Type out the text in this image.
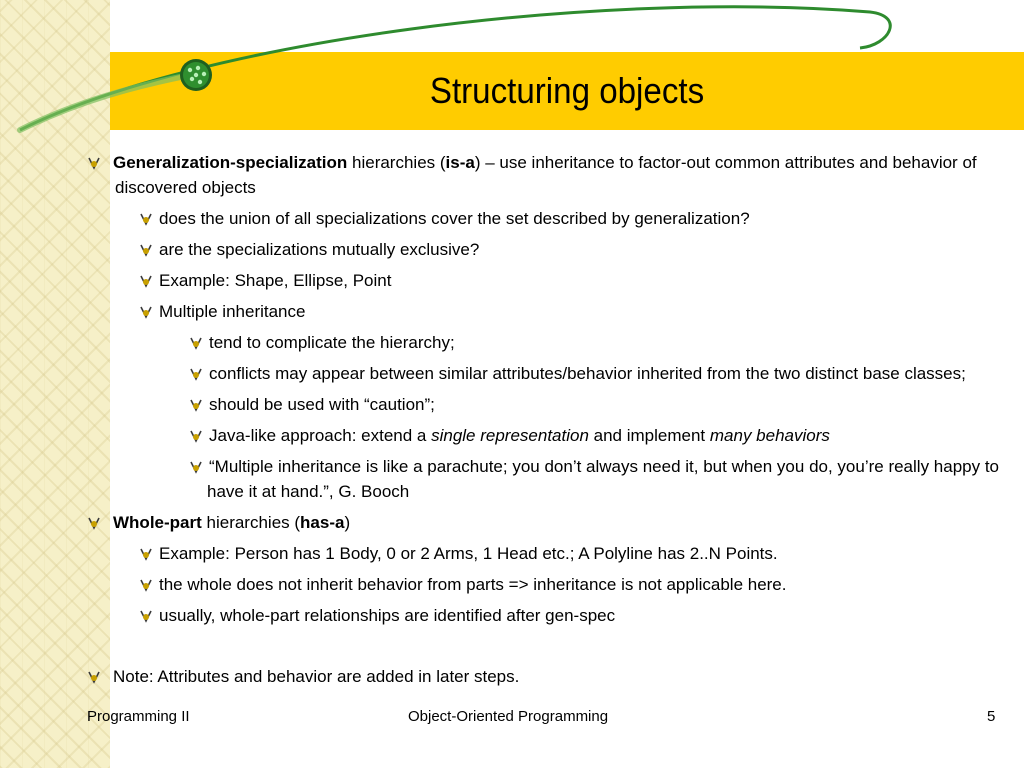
Structuring objects
Generalization-specialization hierarchies (is-a) – use inheritance to factor-out common attributes and behavior of discovered objects
does the union of all specializations cover the set described by generalization?
are the specializations mutually exclusive?
Example: Shape, Ellipse, Point
Multiple inheritance
tend to complicate the hierarchy;
conflicts may appear between similar attributes/behavior inherited from the two distinct base classes;
should be used with “caution”;
Java-like approach: extend a single representation and implement many behaviors
“Multiple inheritance is like a parachute; you don’t always need it, but when you do, you’re really happy to have it at hand.”, G. Booch
Whole-part hierarchies (has-a)
Example: Person has 1 Body, 0 or 2 Arms, 1 Head etc.; A Polyline has 2..N Points.
the whole does not inherit behavior from parts => inheritance is not applicable here.
usually, whole-part relationships are identified after gen-spec
Note: Attributes and behavior are added in later steps.
Programming II	Object-Oriented Programming	5
